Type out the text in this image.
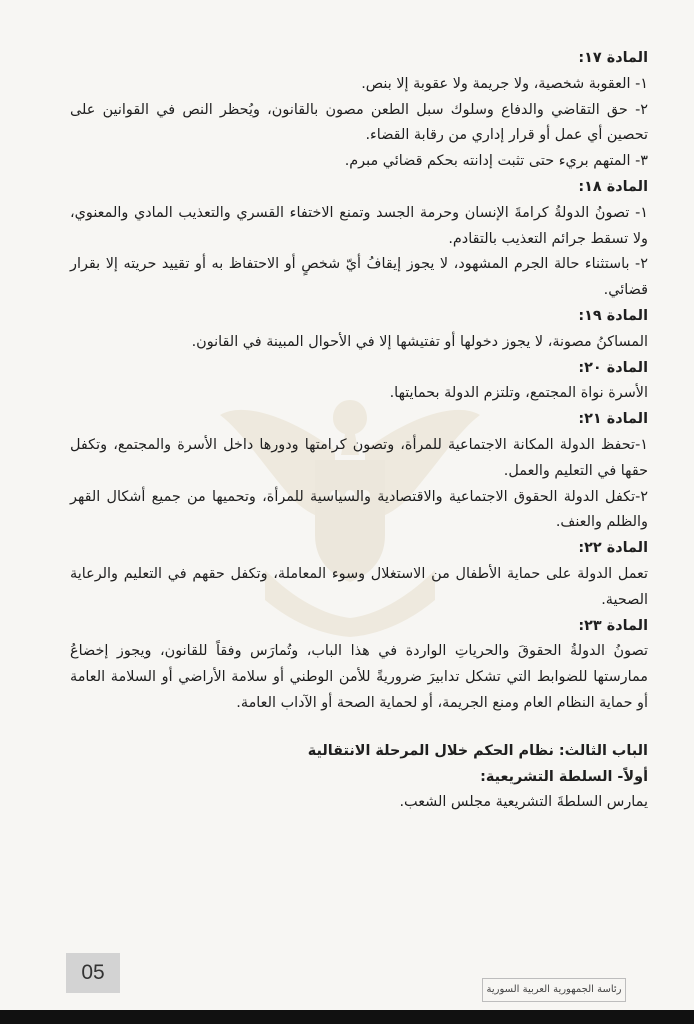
المادة ١٧:

١- العقوبة شخصية، ولا جريمة ولا عقوبة إلا بنص.

٢- حق التقاضي والدفاع وسلوك سبل الطعن مصون بالقانون، ويُحظر النص في القوانين على تحصين أي عمل أو قرار إداري من رقابة القضاء.

٣- المتهم بريء حتى تثبت إدانته بحكم قضائي مبرم.

المادة ١٨:

١- تصونُ الدولةُ كرامةَ الإنسان وحرمة الجسد وتمنع الاختفاء القسري والتعذيب المادي والمعنوي، ولا تسقط جرائم التعذيب بالتقادم.

٢- باستثناء حالة الجرم المشهود، لا يجوز إيقافُ أيّ شخصٍ أو الاحتفاظ به أو تقييد حريته إلا بقرار قضائي.

المادة ١٩:

المساكنُ مصونة، لا يجوز دخولها أو تفتيشها إلا في الأحوال المبينة في القانون.

المادة ٢٠:

الأسرة نواة المجتمع، وتلتزم الدولة بحمايتها.

المادة ٢١:

١-تحفظ الدولة المكانة الاجتماعية للمرأة، وتصون كرامتها ودورها داخل الأسرة والمجتمع، وتكفل حقها في التعليم والعمل.

٢-تكفل الدولة الحقوق الاجتماعية والاقتصادية والسياسية للمرأة، وتحميها من جميع أشكال القهر والظلم والعنف.

المادة ٢٢:

تعمل الدولة على حماية الأطفال من الاستغلال وسوء المعاملة، وتكفل حقهم في التعليم والرعاية الصحية.

المادة ٢٣:

تصونُ الدولةُ الحقوقَ والحرياتِ الواردة في هذا الباب، وتُمارَس وفقاً للقانون، ويجوز إخضاعُ ممارستها للضوابط التي تشكل تدابيرَ ضروريةً للأمن الوطني أو سلامة الأراضي أو السلامة العامة أو حماية النظام العام ومنع الجريمة، أو لحماية الصحة أو الآداب العامة.

الباب الثالث: نظام الحكم خلال المرحلة الانتقالية

أولاً- السلطة التشريعية:

يمارس السلطةَ التشريعية مجلس الشعب.

05
رئاسة الجمهورية العربية السورية
